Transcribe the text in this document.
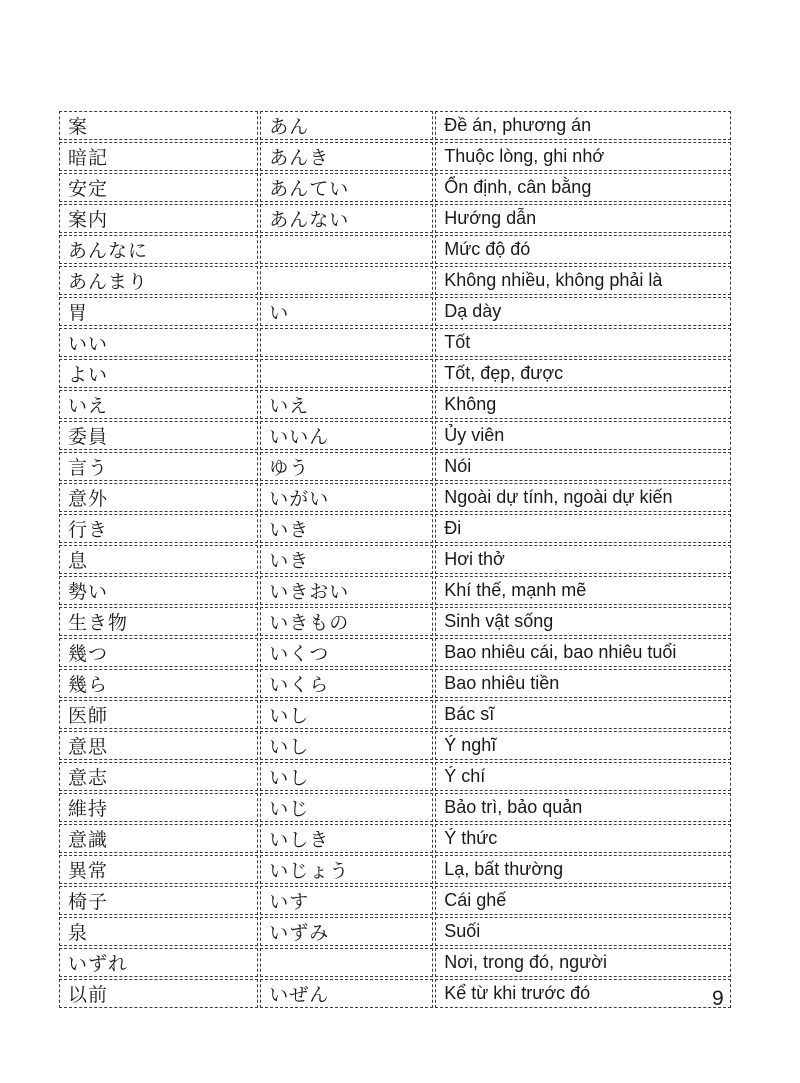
案	あん	Đề án, phương án
暗記	あんき	Thuộc lòng, ghi nhớ
安定	あんてい	Ổn định, cân bằng
案内	あんない	Hướng dẫn
あんなに		Mức độ đó
あんまり		Không nhiều, không phải là
胃	い	Dạ dày
いい		Tốt
よい		Tốt, đẹp, được
いえ	いえ	Không
委員	いいん	Ủy viên
言う	ゆう	Nói
意外	いがい	Ngoài dự tính, ngoài dự kiến
行き	いき	Đi
息	いき	Hơi thở
勢い	いきおい	Khí thế, mạnh mẽ
生き物	いきもの	Sinh vật sống
幾つ	いくつ	Bao nhiêu cái, bao nhiêu tuổi
幾ら	いくら	Bao nhiêu tiền
医師	いし	Bác sĩ
意思	いし	Ý nghĩ
意志	いし	Ý chí
維持	いじ	Bảo trì, bảo quản
意識	いしき	Ý thức
異常	いじょう	Lạ, bất thường
椅子	いす	Cái ghế
泉	いずみ	Suối
いずれ		Nơi, trong đó, người
以前	いぜん	Kể từ khi trước đó	9
